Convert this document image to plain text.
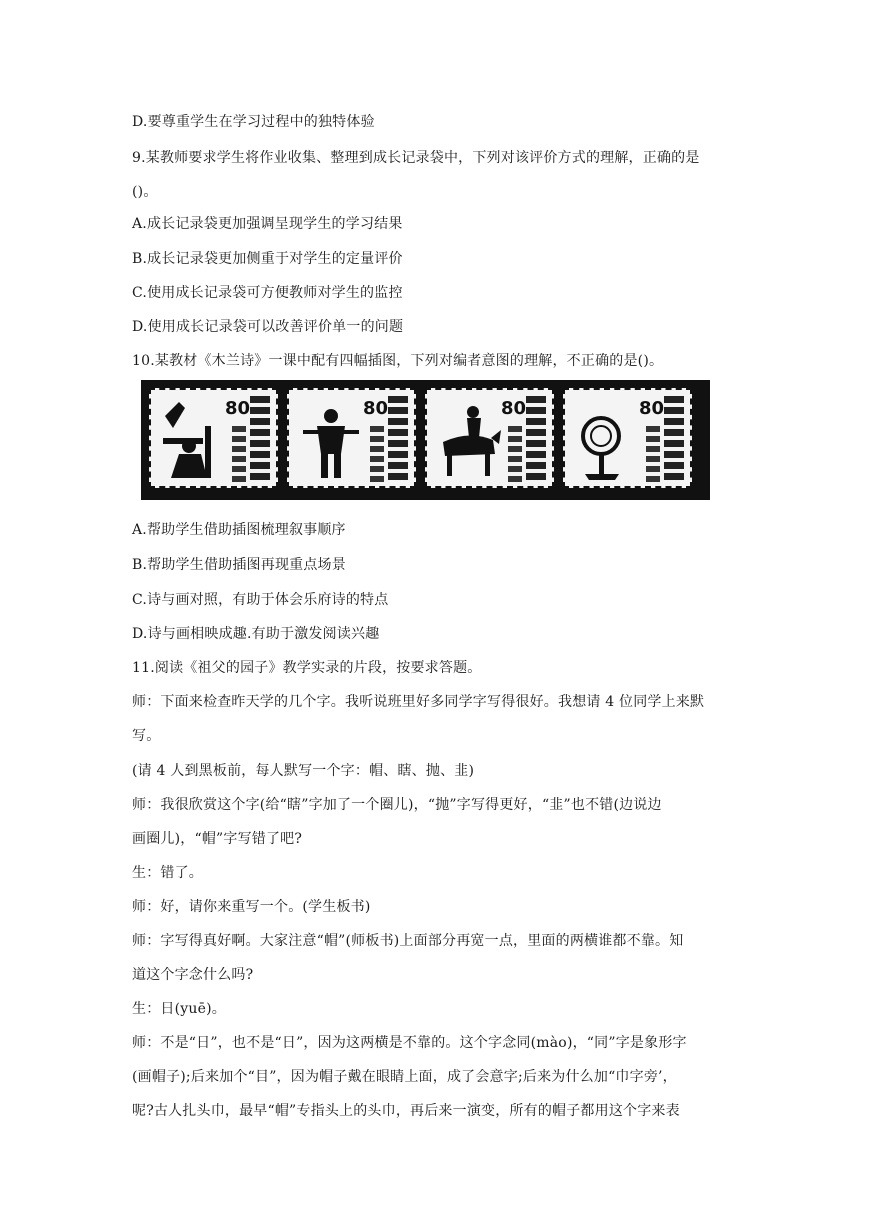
D.要尊重学生在学习过程中的独特体验
9.某教师要求学生将作业收集、整理到成长记录袋中，下列对该评价方式的理解，正确的是
()。
A.成长记录袋更加强调呈现学生的学习结果
B.成长记录袋更加侧重于对学生的定量评价
C.使用成长记录袋可方便教师对学生的监控
D.使用成长记录袋可以改善评价单一的问题
10.某教材《木兰诗》一课中配有四幅插图，下列对编者意图的理解，不正确的是()。
80	80	80	80
A.帮助学生借助插图梳理叙事顺序
B.帮助学生借助插图再现重点场景
C.诗与画对照，有助于体会乐府诗的特点
D.诗与画相映成趣.有助于激发阅读兴趣
11.阅读《祖父的园子》教学实录的片段，按要求答题。
师：下面来检查昨天学的几个字。我听说班里好多同学字写得很好。我想请 4 位同学上来默
写。
(请 4 人到黑板前，每人默写一个字：帽、瞎、抛、韭)
师：我很欣赏这个字(给“瞎”字加了一个圈儿)，“抛”字写得更好，“韭”也不错(边说边
画圈儿)，“帽”字写错了吧?
生：错了。
师：好，请你来重写一个。(学生板书)
师：字写得真好啊。大家注意“帽”(师板书)上面部分再宽一点，里面的两横谁都不靠。知
道这个字念什么吗?
生：日(yuē)。
师：不是“日”，也不是“日”，因为这两横是不靠的。这个字念同(mào)，“同”字是象形字
(画帽子);后来加个“目”，因为帽子戴在眼睛上面，成了会意字;后来为什么加“巾字旁’，
呢?古人扎头巾，最早“帽”专指头上的头巾，再后来一演变，所有的帽子都用这个字来表
